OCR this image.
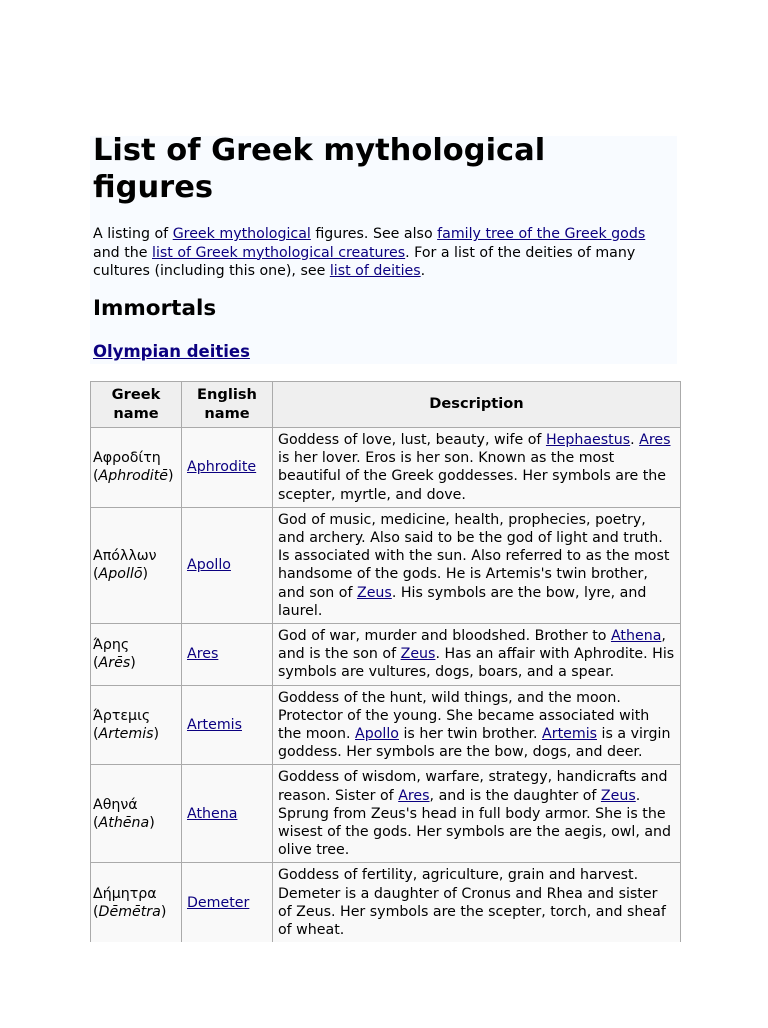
List of Greek mythological figures

A listing of Greek mythological figures. See also family tree of the Greek gods and the list of Greek mythological creatures. For a list of the deities of many cultures (including this one), see list of deities.

Immortals
Olympian deities
Greek name	English name	Description
Αφροδίτη
(Aphroditē)	Aphrodite	Goddess of love, lust, beauty, wife of Hephaestus. Ares is her lover. Eros is her son. Known as the most beautiful of the Greek goddesses. Her symbols are the scepter, myrtle, and dove.
Απόλλων
(Apollō)	Apollo	God of music, medicine, health, prophecies, poetry, and archery. Also said to be the god of light and truth. Is associated with the sun. Also referred to as the most handsome of the gods. He is Artemis's twin brother, and son of Zeus. His symbols are the bow, lyre, and laurel.
Άρης
(Arēs)	Ares	God of war, murder and bloodshed. Brother to Athena, and is the son of Zeus. Has an affair with Aphrodite. His symbols are vultures, dogs, boars, and a spear.
Άρτεμις
(Artemis)	Artemis	Goddess of the hunt, wild things, and the moon. Protector of the young. She became associated with the moon. Apollo is her twin brother. Artemis is a virgin goddess. Her symbols are the bow, dogs, and deer.
Αθηνά
(Athēna)	Athena	Goddess of wisdom, warfare, strategy, handicrafts and reason. Sister of Ares, and is the daughter of Zeus. Sprung from Zeus's head in full body armor. She is the wisest of the gods. Her symbols are the aegis, owl, and olive tree.
Δήμητρα
(Dēmētra)	Demeter	Goddess of fertility, agriculture, grain and harvest. Demeter is a daughter of Cronus and Rhea and sister of Zeus. Her symbols are the scepter, torch, and sheaf of wheat.
